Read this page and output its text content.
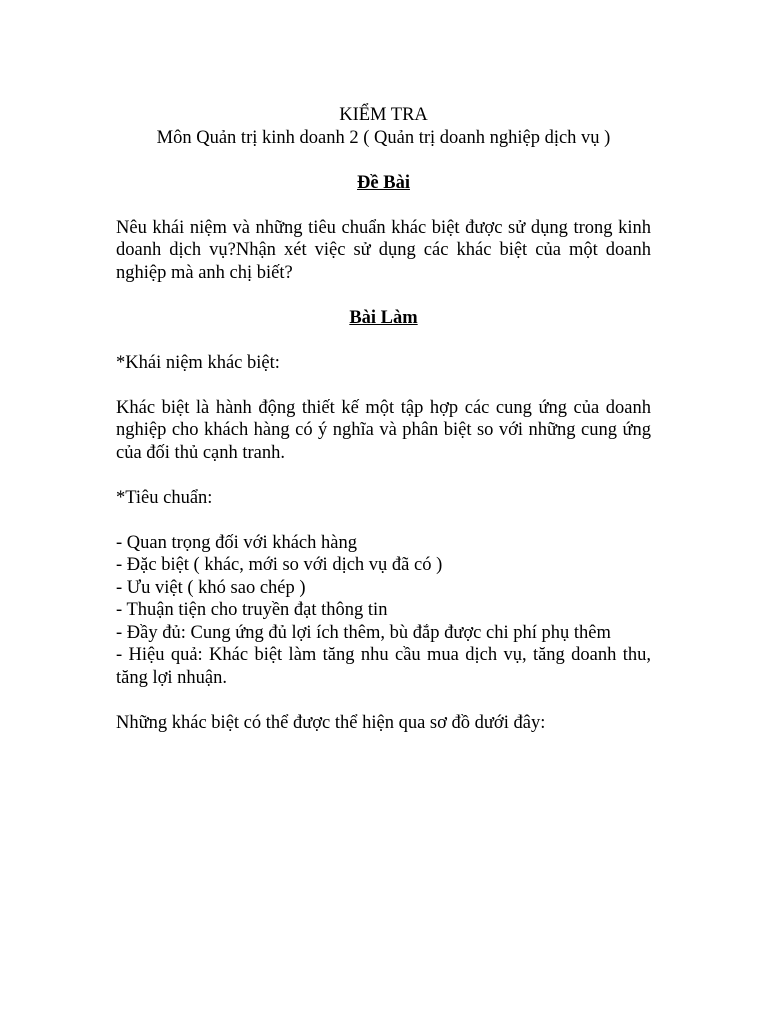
KIỂM TRA

Môn Quản trị kinh doanh 2 ( Quản trị doanh nghiệp dịch vụ )

Đề Bài

Nêu khái niệm và những tiêu chuẩn khác biệt được sử dụng trong kinh doanh dịch vụ?Nhận xét việc sử dụng các khác biệt của một doanh nghiệp mà anh chị biết?

Bài Làm

*Khái niệm khác biệt:

Khác biệt là hành động thiết kế một tập hợp các cung ứng của doanh nghiệp cho khách hàng có ý nghĩa và phân biệt so với những cung ứng của đối thủ cạnh tranh.

*Tiêu chuẩn:

- Quan trọng đối với khách hàng

- Đặc biệt ( khác, mới so với dịch vụ đã có )

- Ưu việt ( khó sao chép )

- Thuận tiện cho truyền đạt thông tin

- Đầy đủ: Cung ứng đủ lợi ích thêm, bù đắp được chi phí phụ thêm

- Hiệu quả: Khác biệt làm tăng nhu cầu mua dịch vụ, tăng doanh thu, tăng lợi nhuận.

Những khác biệt có thể được thể hiện qua sơ đồ dưới đây:
